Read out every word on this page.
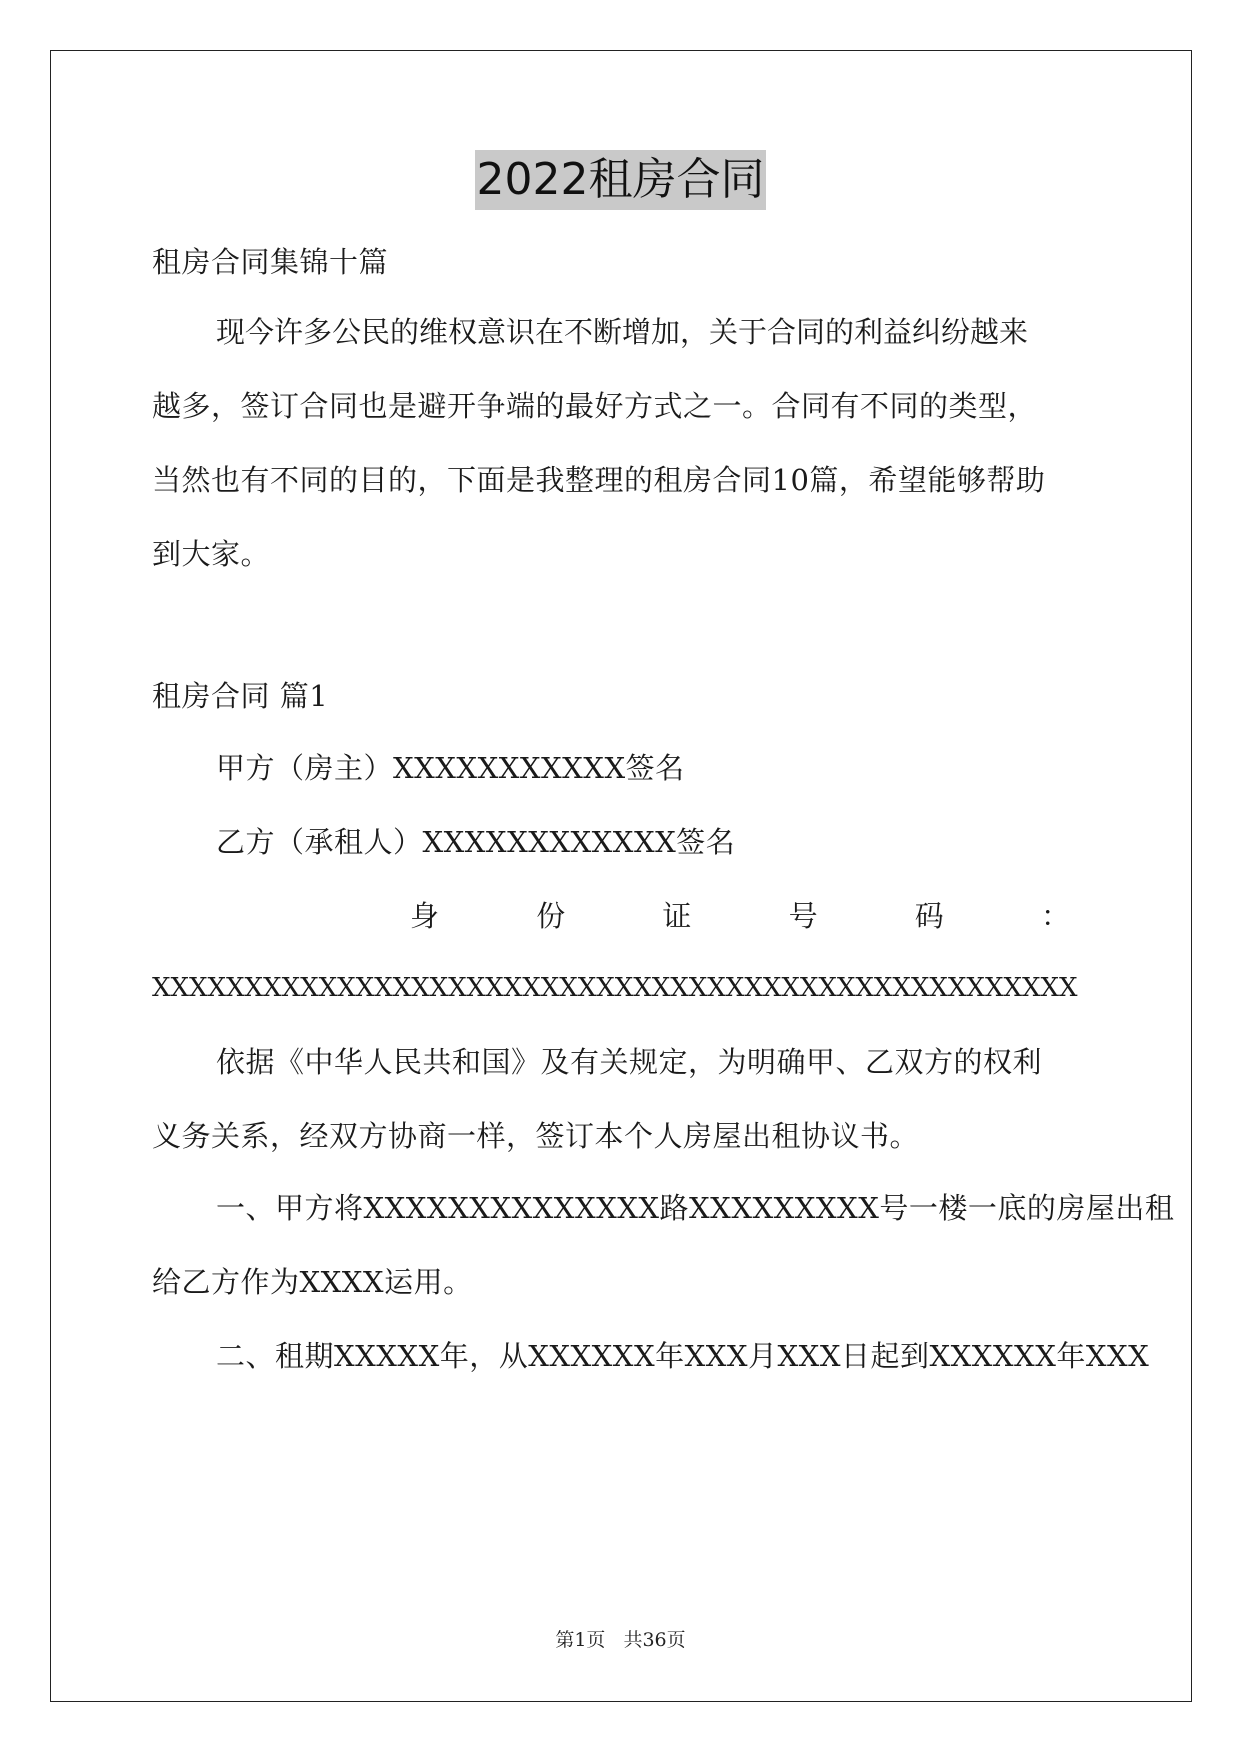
2022租房合同
租房合同集锦十篇
现今许多公民的维权意识在不断增加，关于合同的利益纠纷越来
越多，签订合同也是避开争端的最好方式之一。合同有不同的类型，
当然也有不同的目的，下面是我整理的租房合同10篇，希望能够帮助
到大家。
租房合同 篇1
甲方（房主）XXXXXXXXXXX签名
乙方（承租人）XXXXXXXXXXXX签名
身	份	证	号	码	：
XXXXXXXXXXXXXXXXXXXXXXXXXXXXXXXXXXXXXXXXXXXXXXXXXX
依据《中华人民共和国》及有关规定，为明确甲、乙双方的权利
义务关系，经双方协商一样，签订本个人房屋出租协议书。
一、甲方将XXXXXXXXXXXXXX路XXXXXXXXX号一楼一底的房屋出租
给乙方作为XXXX运用。
二、租期XXXXX年，从XXXXXX年XXX月XXX日起到XXXXXX年XXX
第1页 共36页
